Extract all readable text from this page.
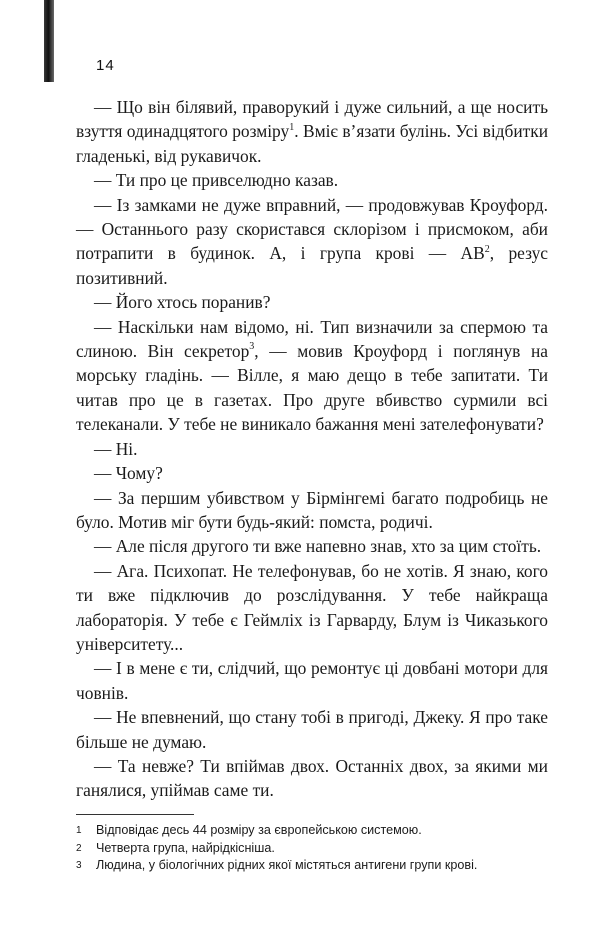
14

— Що він білявий, праворукий і дуже сильний, а ще носить взуття одинадцятого розміру$^1$. Вміє в’язати булінь. Усі відбитки гладенькі, від рукавичок.

— Ти про це привселюдно казав.

— Із замками не дуже вправний, — продовжував Кроуфорд. — Останнього разу скористався склорізом і присмоком, аби потрапити в будинок. А, і група крові — $АВ^2$, резус позитивний.

— Його хтось поранив?

— Наскільки нам відомо, ні. Тип визначили за спермою та слиною. Він секретор$^3$, — мовив Кроуфорд і поглянув на морську гладінь. — Вілле, я маю дещо в тебе запитати. Ти читав про це в газетах. Про друге вбивство сурмили всі телеканали. У тебе не виникало бажання мені зателефонувати?

— Ні.

— Чому?

— За першим убивством у Бірмінгемі багато подробиць не було. Мотив міг бути будь-який: помста, родичі.

— Але після другого ти вже напевно знав, хто за цим стоїть.

— Ага. Психопат. Не телефонував, бо не хотів. Я знаю, кого ти вже підключив до розслідування. У тебе найкраща лабораторія. У тебе є Геймліх із Гарварду, Блум із Чиказького університету...

— І в мене є ти, слідчий, що ремонтує ці довбані мотори для човнів.

— Не впевнений, що стану тобі в пригоді, Джеку. Я про таке більше не думаю.

— Та невже? Ти впіймав двох. Останніх двох, за якими ми ганялися, упіймав саме ти.

1	Відповідає десь 44 розміру за європейською системою.
2	Четверта група, найрідкісніша.
3	Людина, у біологічних рідних якої містяться антигени групи крові.
